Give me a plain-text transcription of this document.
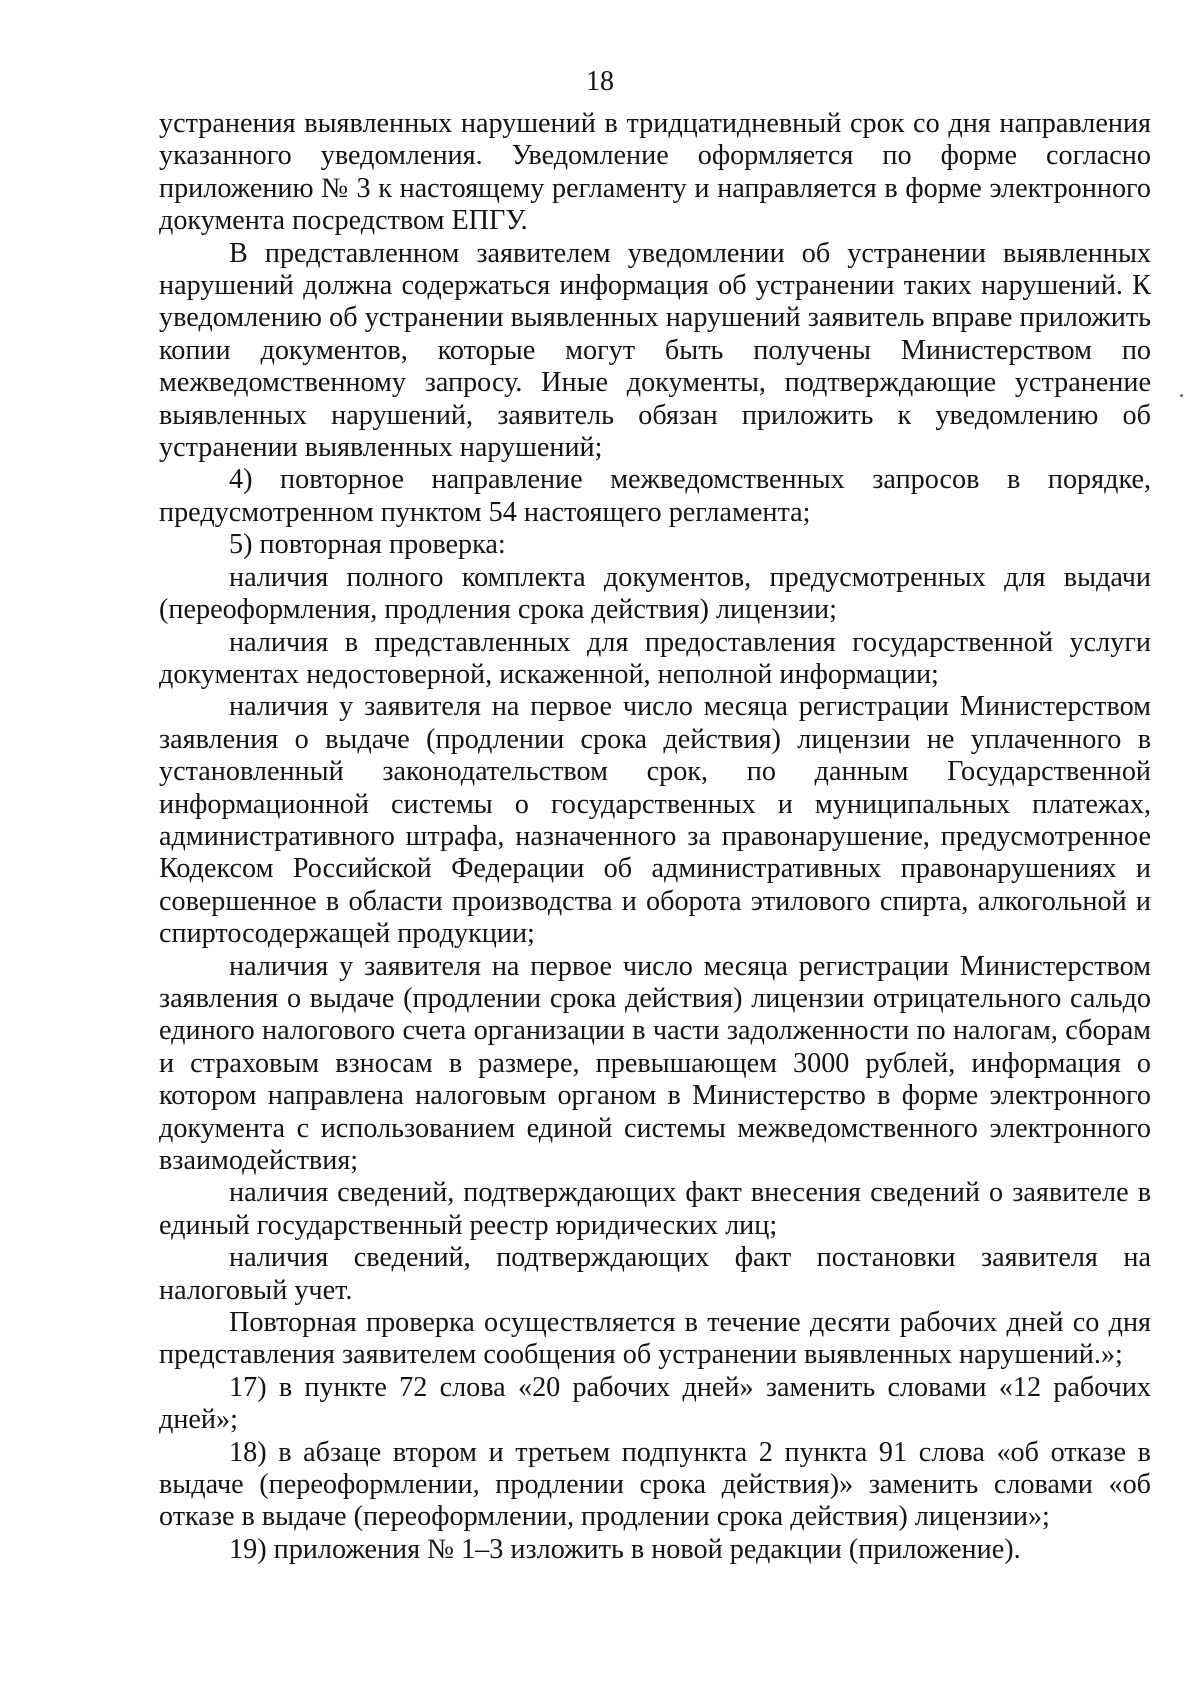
18

устранения выявленных нарушений в тридцатидневный срок со дня направления указанного уведомления. Уведомление оформляется по форме согласно приложению № 3 к настоящему регламенту и направляется в форме электронного документа посредством ЕПГУ.

В представленном заявителем уведомлении об устранении выявленных нарушений должна содержаться информация об устранении таких нарушений. К уведомлению об устранении выявленных нарушений заявитель вправе приложить копии документов, которые могут быть получены Министерством по межведомственному запросу. Иные документы, подтверждающие устранение выявленных нарушений, заявитель обязан приложить к уведомлению об устранении выявленных нарушений;

4) повторное направление межведомственных запросов в порядке, предусмотренном пунктом 54 настоящего регламента;

5) повторная проверка:

наличия полного комплекта документов, предусмотренных для выдачи (переоформления, продления срока действия) лицензии;

наличия в представленных для предоставления государственной услуги документах недостоверной, искаженной, неполной информации;

наличия у заявителя на первое число месяца регистрации Министерством заявления о выдаче (продлении срока действия) лицензии не уплаченного в установленный законодательством срок, по данным Государственной информационной системы о государственных и муниципальных платежах, административного штрафа, назначенного за правонарушение, предусмотренное Кодексом Российской Федерации об административных правонарушениях и совершенное в области производства и оборота этилового спирта, алкогольной и спиртосодержащей продукции;

наличия у заявителя на первое число месяца регистрации Министерством заявления о выдаче (продлении срока действия) лицензии отрицательного сальдо единого налогового счета организации в части задолженности по налогам, сборам и страховым взносам в размере, превышающем 3000 рублей, информация о котором направлена налоговым органом в Министерство в форме электронного документа с использованием единой системы межведомственного электронного взаимодействия;

наличия сведений, подтверждающих факт внесения сведений о заявителе в единый государственный реестр юридических лиц;

наличия сведений, подтверждающих факт постановки заявителя на налоговый учет.

Повторная проверка осуществляется в течение десяти рабочих дней со дня представления заявителем сообщения об устранении выявленных нарушений.»;

17) в пункте 72 слова «20 рабочих дней» заменить словами «12 рабочих дней»;

18) в абзаце втором и третьем подпункта 2 пункта 91 слова «об отказе в выдаче (переоформлении, продлении срока действия)» заменить словами «об отказе в выдаче (переоформлении, продлении срока действия) лицензии»;

19) приложения № 1–3 изложить в новой редакции (приложение).
